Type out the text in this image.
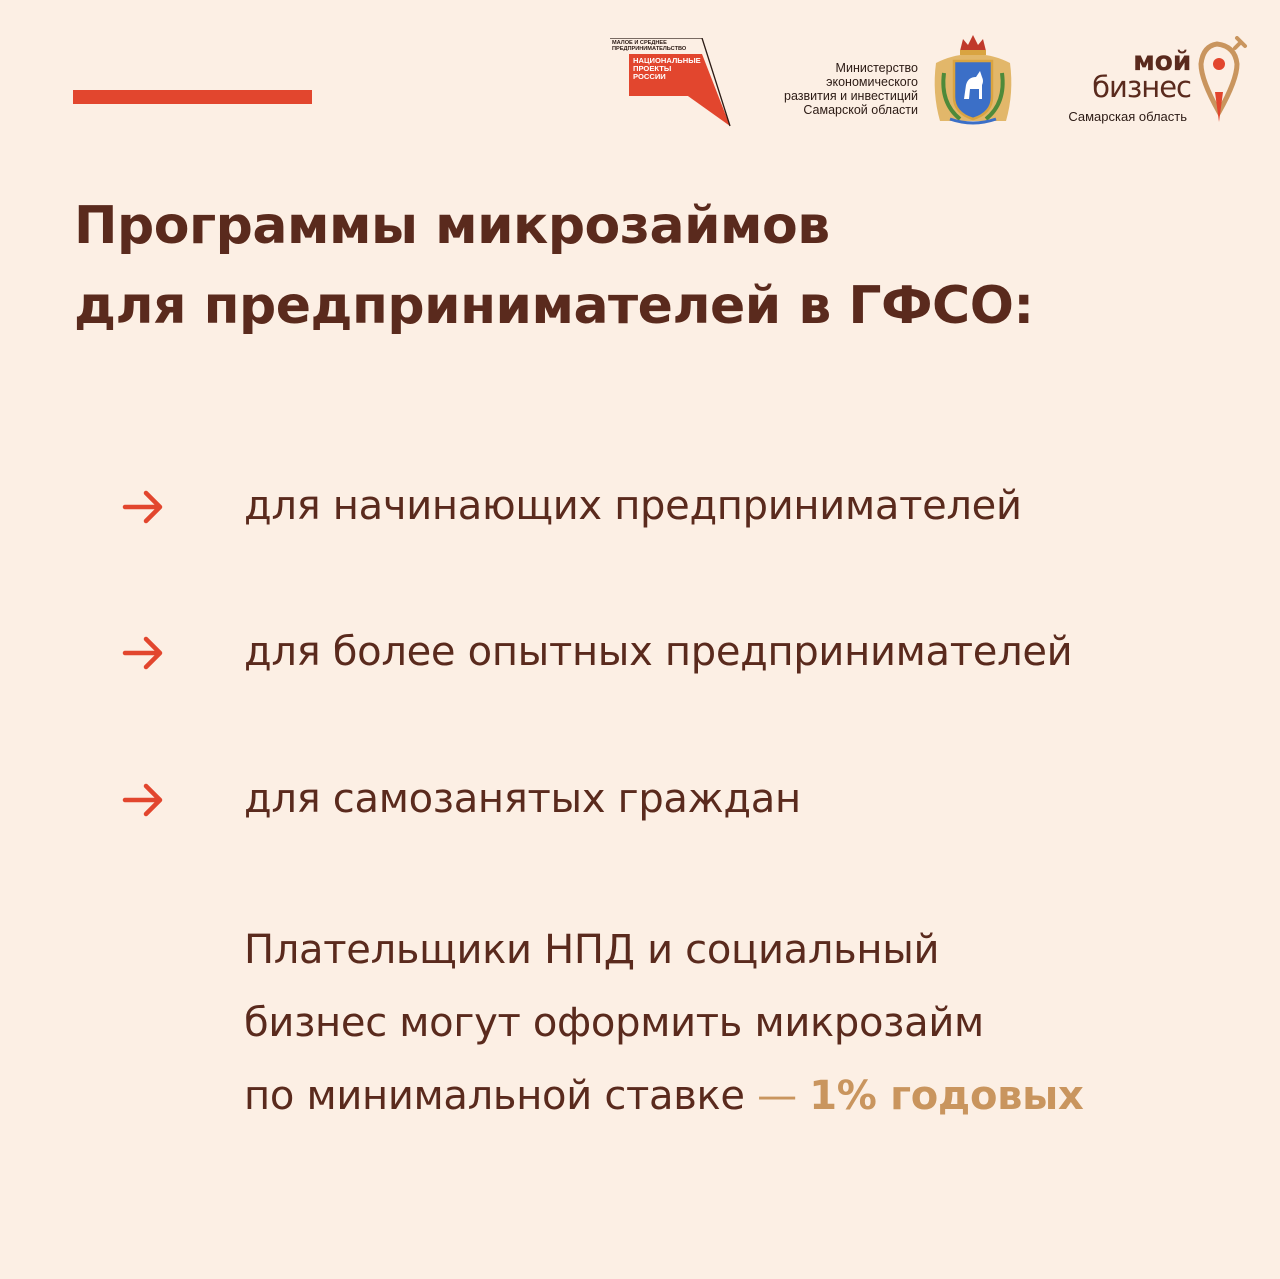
МАЛОЕ И СРЕДНЕЕ ПРЕДПРИНИМАТЕЛЬСТВО
НАЦИОНАЛЬНЫЕ ПРОЕКТЫ РОССИИ
Министерство
экономического
развития и инвестиций
Самарской области
мой
бизнес
Самарская область
Программы микрозаймов
для предпринимателей в ГФСО:
для начинающих предпринимателей
для более опытных предпринимателей
для самозанятых граждан
Плательщики НПД и социальный
бизнес могут оформить микрозайм
по минимальной ставке — 1% годовых
